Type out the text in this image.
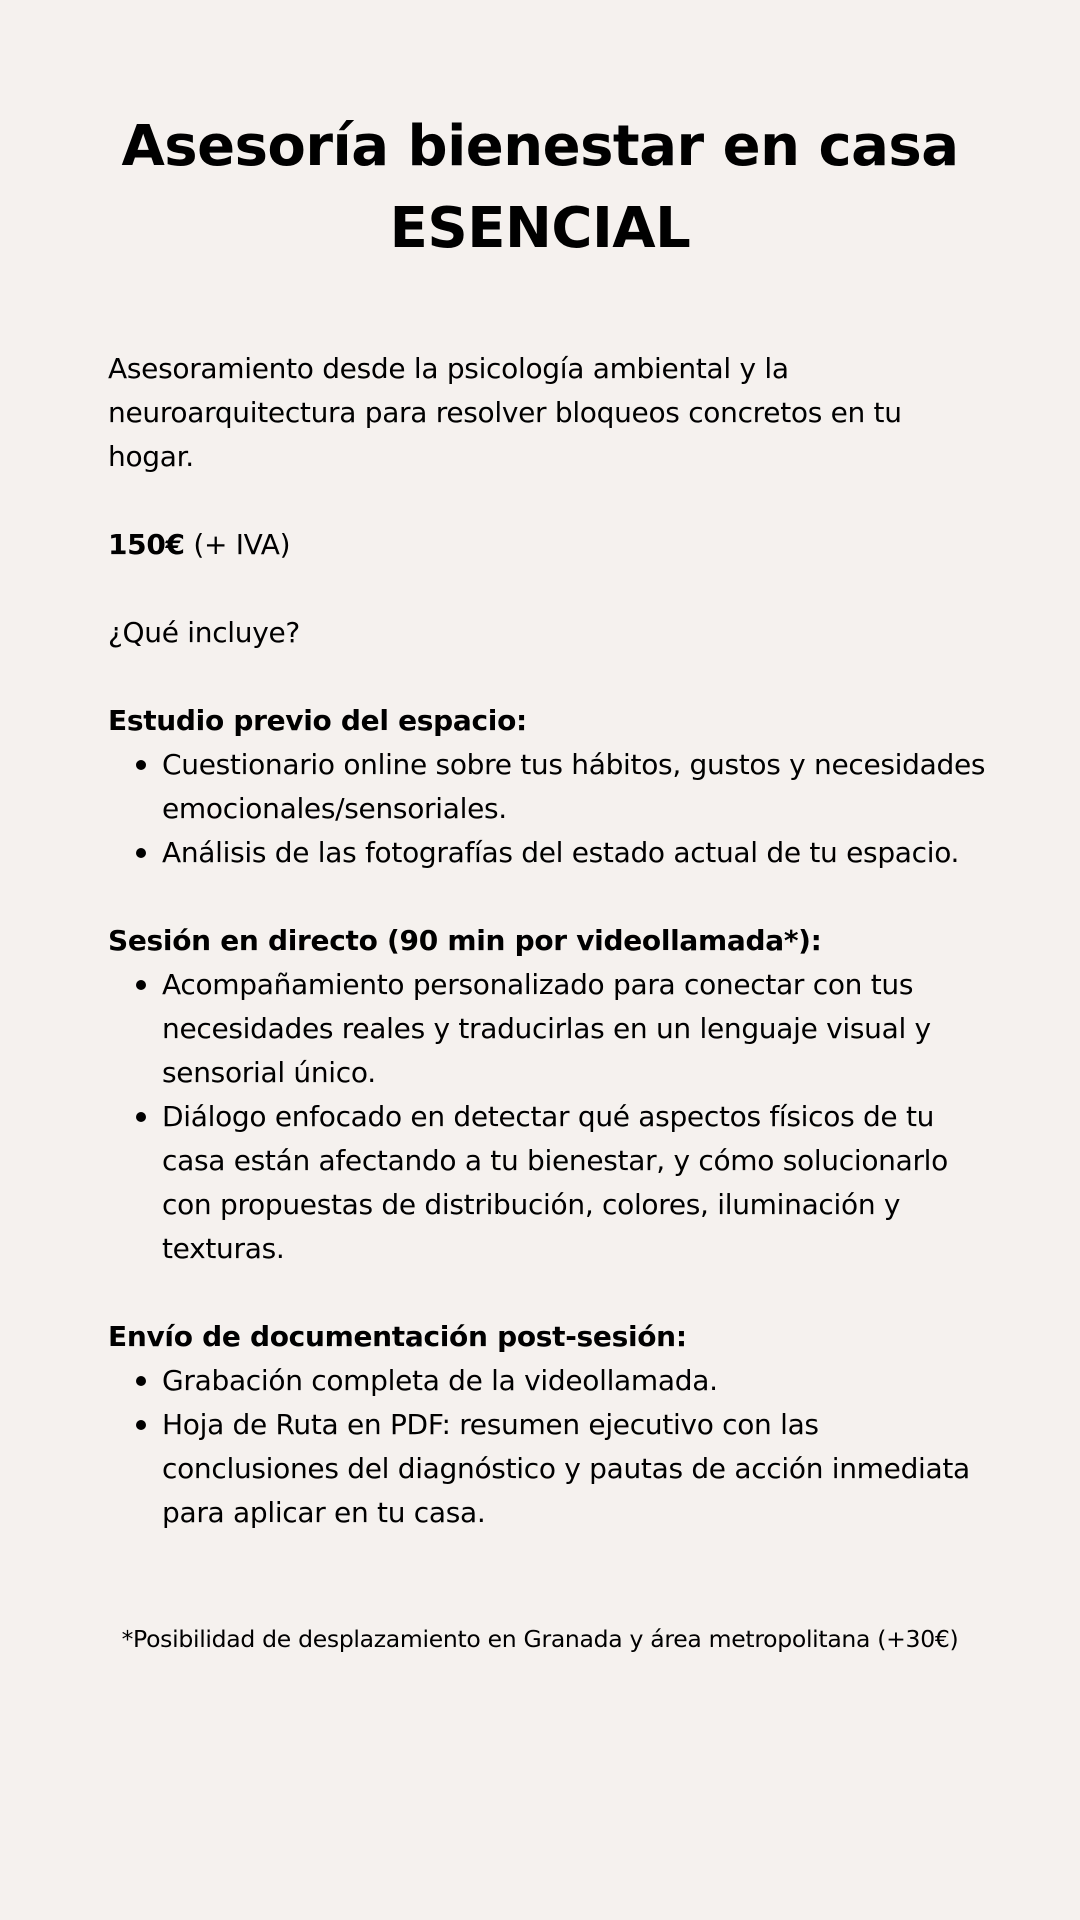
Asesoría bienestar en casa
ESENCIAL

Asesoramiento desde la psicología ambiental y la neuroarquitectura para resolver bloqueos concretos en tu hogar.

150€ (+ IVA)

¿Qué incluye?

Estudio previo del espacio:

Cuestionario online sobre tus hábitos, gustos y necesidades emocionales/sensoriales.
Análisis de las fotografías del estado actual de tu espacio.

Sesión en directo (90 min por videollamada*):

Acompañamiento personalizado para conectar con tus necesidades reales y traducirlas en un lenguaje visual y sensorial único.
Diálogo enfocado en detectar qué aspectos físicos de tu casa están afectando a tu bienestar, y cómo solucionarlo con propuestas de distribución, colores, iluminación y texturas.

Envío de documentación post-sesión:

Grabación completa de la videollamada.
Hoja de Ruta en PDF: resumen ejecutivo con las conclusiones del diagnóstico y pautas de acción inmediata para aplicar en tu casa.

*Posibilidad de desplazamiento en Granada y área metropolitana (+30€)
